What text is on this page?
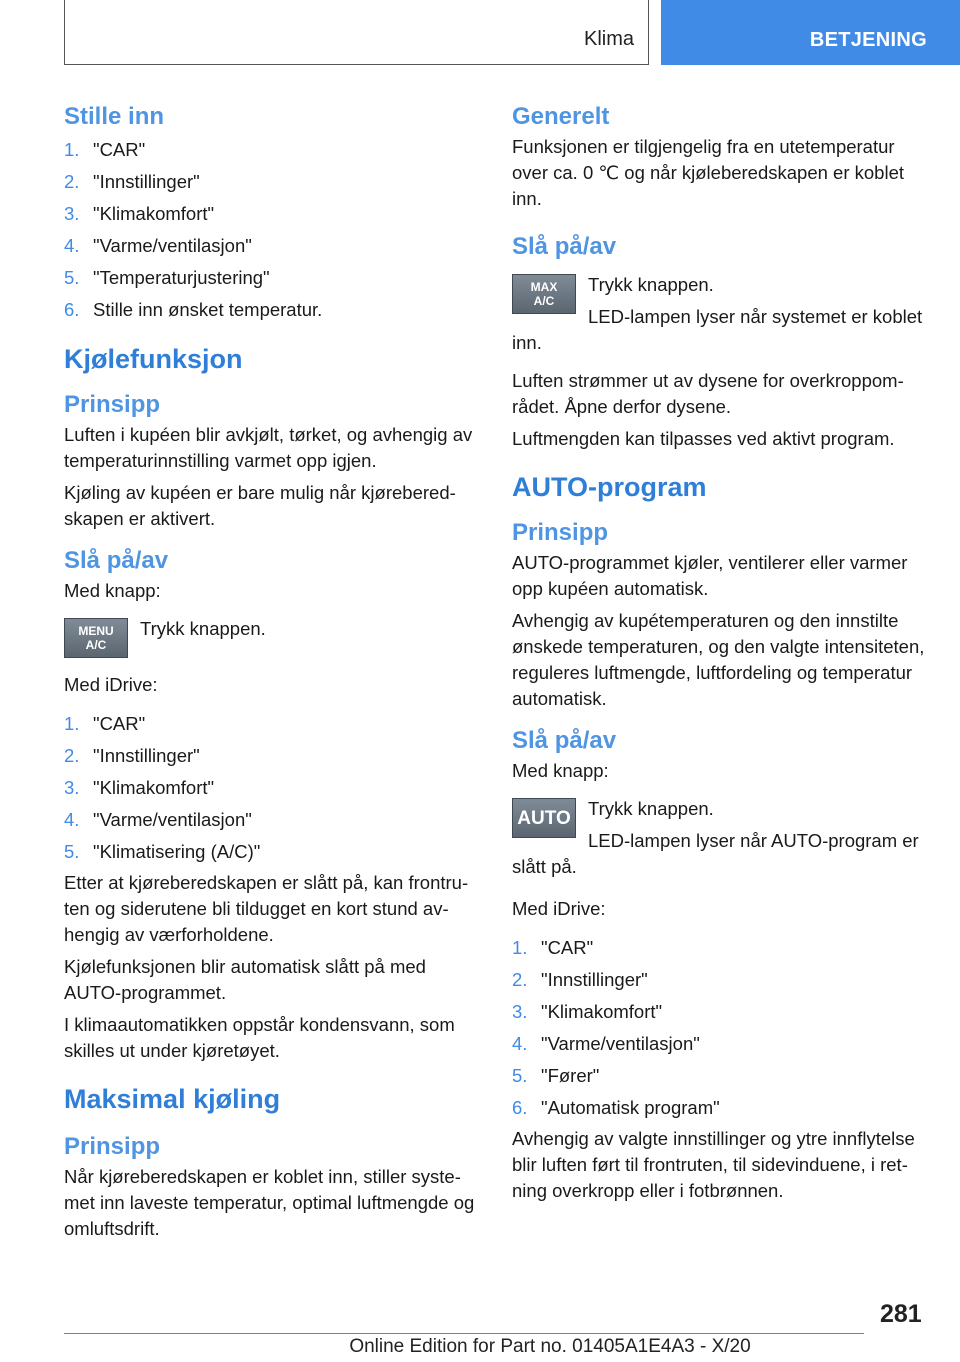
Klima	BETJENING
Stille inn
1. "CAR"
2. "Innstillinger"
3. "Klimakomfort"
4. "Varme/ventilasjon"
5. "Temperaturjustering"
6. Stille inn ønsket temperatur.
Kjølefunksjon
Prinsipp

Luften i kupéen blir avkjølt, tørket, og avhengig av temperaturinnstilling varmet opp igjen.

Kjøling av kupéen er bare mulig når kjøreberedskapen er aktivert.

Slå på/av

Med knapp:

MENU
A/C

Trykk knappen.

Med iDrive:

1. "CAR"
2. "Innstillinger"
3. "Klimakomfort"
4. "Varme/ventilasjon"
5. "Klimatisering (A/C)"

Etter at kjøreberedskapen er slått på, kan frontruten og siderutene bli tildugget en kort stund avhengig av værforholdene.

Kjølefunksjonen blir automatisk slått på med AUTO-programmet.

I klimaautomatikken oppstår kondensvann, som skilles ut under kjøretøyet.

Maksimal kjøling
Prinsipp

Når kjøreberedskapen er koblet inn, stiller systemet inn laveste temperatur, optimal luftmengde og omluftsdrift.

Generelt

Funksjonen er tilgjengelig fra en utetemperatur over ca. 0 ℃ og når kjøleberedskapen er koblet inn.

Slå på/av
MAX
A/C

Trykk knappen.

LED-lampen lyser når systemet er koblet inn.

Luften strømmer ut av dysene for overkroppområdet. Åpne derfor dysene.

Luftmengden kan tilpasses ved aktivt program.

AUTO-program
Prinsipp

AUTO-programmet kjøler, ventilerer eller varmer opp kupéen automatisk.

Avhengig av kupétemperaturen og den innstilte ønskede temperaturen, og den valgte intensiteten, reguleres luftmengde, luftfordeling og temperatur automatisk.

Slå på/av

Med knapp:

AUTO Trykk knappen.

LED-lampen lyser når AUTO-program er slått på.

Med iDrive:

1. "CAR"
2. "Innstillinger"
3. "Klimakomfort"
4. "Varme/ventilasjon"
5. "Fører"
6. "Automatisk program"

Avhengig av valgte innstillinger og ytre innflytelse blir luften ført til frontruten, til sidevinduene, i retning overkropp eller i fotbrønnen.

281
Online Edition for Part no. 01405A1E4A3 - X/20
